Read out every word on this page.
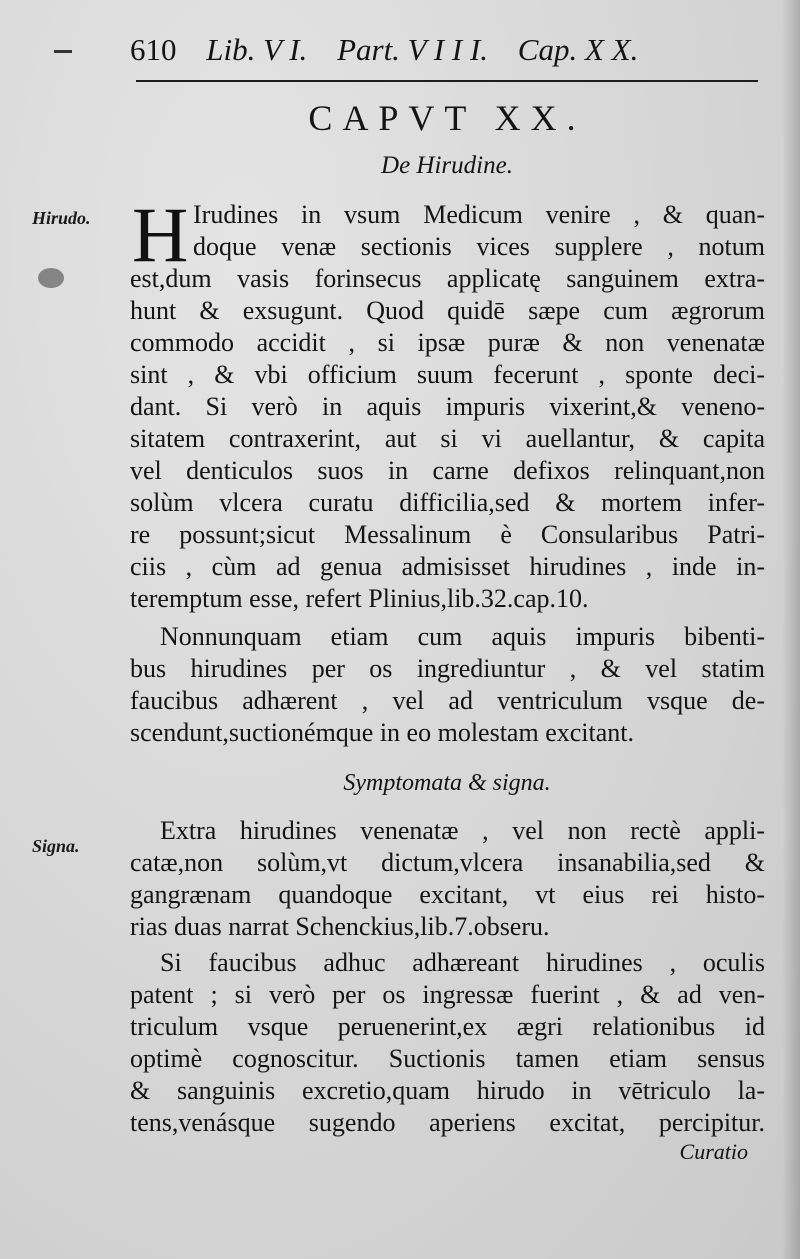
610 Lib. V I. Part. V I I I. Cap. X X.
CAPVT XX.
De Hirudine.
Hirudo. H Irudines in vsum Medicum venire , & quan-
doque venæ sectionis vices supplere , notum
est,dum vasis forinsecus applicatę sanguinem extra-
hunt & exsugunt. Quod quidē sæpe cum ægrorum
commodo accidit , si ipsæ puræ & non venenatæ
sint , & vbi officium suum fecerunt , sponte deci-
dant. Si verò in aquis impuris vixerint,& veneno-
sitatem contraxerint, aut si vi auellantur, & capita
vel denticulos suos in carne defixos relinquant,non
solùm vlcera curatu difficilia,sed & mortem infer-
re possunt;sicut Messalinum è Consularibus Patri-
ciis , cùm ad genua admisisset hirudines , inde in-
teremptum esse, refert Plinius,lib.32.cap.10.
Nonnunquam etiam cum aquis impuris bibenti-
bus hirudines per os ingrediuntur , & vel statim
faucibus adhærent , vel ad ventriculum vsque de-
scendunt,suctionémque in eo molestam excitant.
Symptomata & signa.
Signa.
Extra hirudines venenatæ , vel non rectè appli-
catæ,non solùm,vt dictum,vlcera insanabilia,sed &
gangrænam quandoque excitant, vt eius rei histo-
rias duas narrat Schenckius,lib.7.obseru.
Si faucibus adhuc adhæreant hirudines , oculis
patent ; si verò per os ingressæ fuerint , & ad ven-
triculum vsque peruenerint,ex ægri relationibus id
optimè cognoscitur. Suctionis tamen etiam sensus
& sanguinis excretio,quam hirudo in vētriculo la-
tens,venásque sugendo aperiens excitat, percipitur.
Curatio
